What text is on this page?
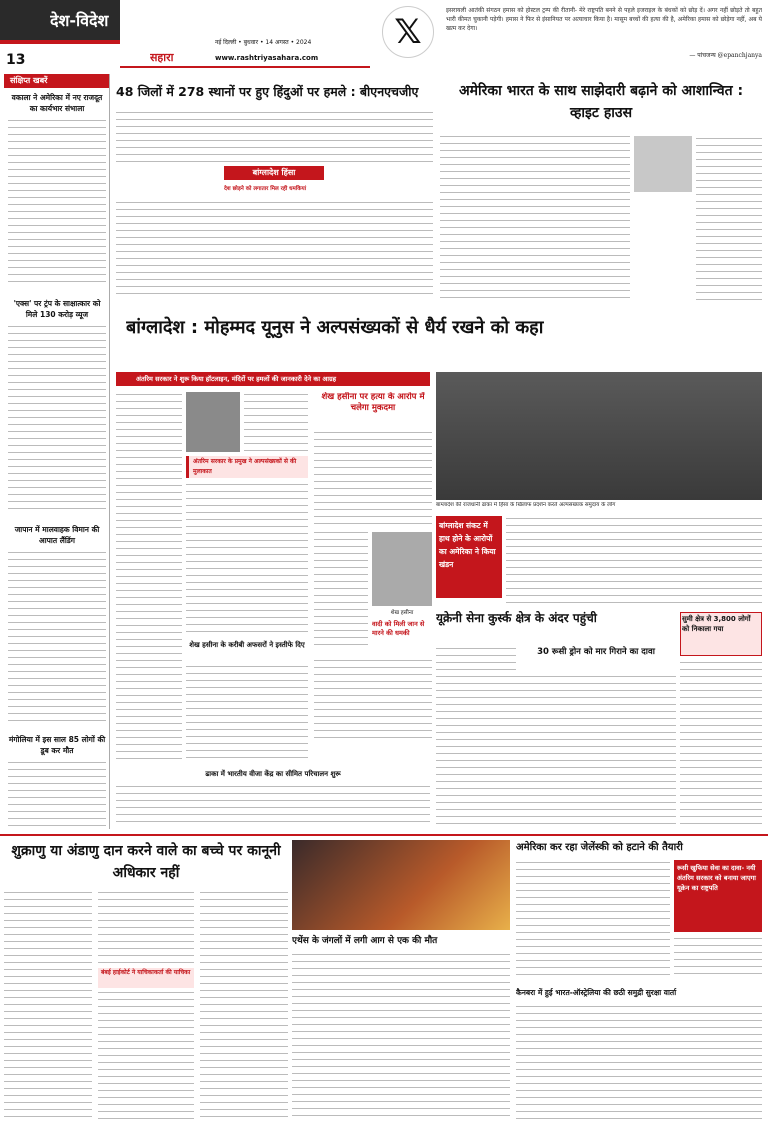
देश-विदेश
13	सहारा
नई दिल्ली • बुधवार • 14 अगस्त • 2024
www.rashtriyasahara.com
𝕏
इसरायली आतंकी संगठन हमास को होस्टल ट्रम्प की रीतानी- मेरे राष्ट्रपति बनने से पहले इजराइल के बंधकों को छोड़ दें। अगर नहीं छोड़ते तो बहुत भारी कीमत चुकानी पड़ेगी। हमास ने फिर से इंसानियत पर अत्याचार किया है। मासूम बच्चों की हत्या की है, अमेरिका हमास को छोड़ेगा नहीं, अब ये खत्म कर देगा।
— पांचजन्य @epanchjanya
संक्षिप्त खबरें
वकाला ने अमेरिका में नए राजदूत का कार्यभार संभाला
'एक्स' पर ट्रंप के साक्षात्कार को मिले 130 करोड़ व्यूज
जापान में मालवाहक विमान की आपात लैंडिंग
मंगोलिया में इस साल 85 लोगों की डूब कर मौत
48 जिलों में 278 स्थानों पर हुए हिंदुओं पर हमले : बीएनएचजीए
बांग्लादेश हिंसा
देश छोड़ने को लगातार मिल रही धमकियां
अमेरिका भारत के साथ साझेदारी बढ़ाने को आशान्वित : व्हाइट हाउस
बांग्लादेश : मोहम्मद यूनुस ने अल्पसंख्यकों से धैर्य रखने को कहा
अंतरिम सरकार ने शुरू किया हॉटलाइन, मंदिरों पर हमलों की जानकारी देने का आग्रह
अंतरिम सरकार के प्रमुख ने अल्पसंख्यकों से की मुलाकात
शेख हसीना के करीबी अफसरों ने इस्तीफे दिए
शेख हसीना पर हत्या के आरोप में चलेगा मुकदमा
शेख हसीना
वादी को मिली जान से मारने की धमकी
बांग्लादेश की राजधानी ढाका में हिंसा के खिलाफ प्रदर्शन करते अल्पसंख्यक समुदाय के लोग
बांग्लादेश संकट में हाथ होने के आरोपों का अमेरिका ने किया खंडन
यूक्रेनी सेना कुर्स्क क्षेत्र के अंदर पहुंची	सुमी क्षेत्र से 3,800 लोगों को निकाला गया
30 रूसी ड्रोन को मार गिराने का दावा
ढाका में भारतीय वीजा केंद्र का सीमित परिचालन शुरू
शुक्राणु या अंडाणु दान करने वाले का बच्चे पर कानूनी अधिकार नहीं
बंबई हाईकोर्ट ने याचिकाकर्ता की याचिका
एथेंस के जंगलों में लगी आग से एक की मौत
अमेरिका कर रहा जेलेंस्की को हटाने की तैयारी
रूसी खुफिया सेवा का दावा- नयी अंतरिम सरकार को बनाया जाएगा यूक्रेन का राष्ट्रपति
कैनबरा में हुई भारत-ऑस्ट्रेलिया की छठी समुद्री सुरक्षा वार्ता
